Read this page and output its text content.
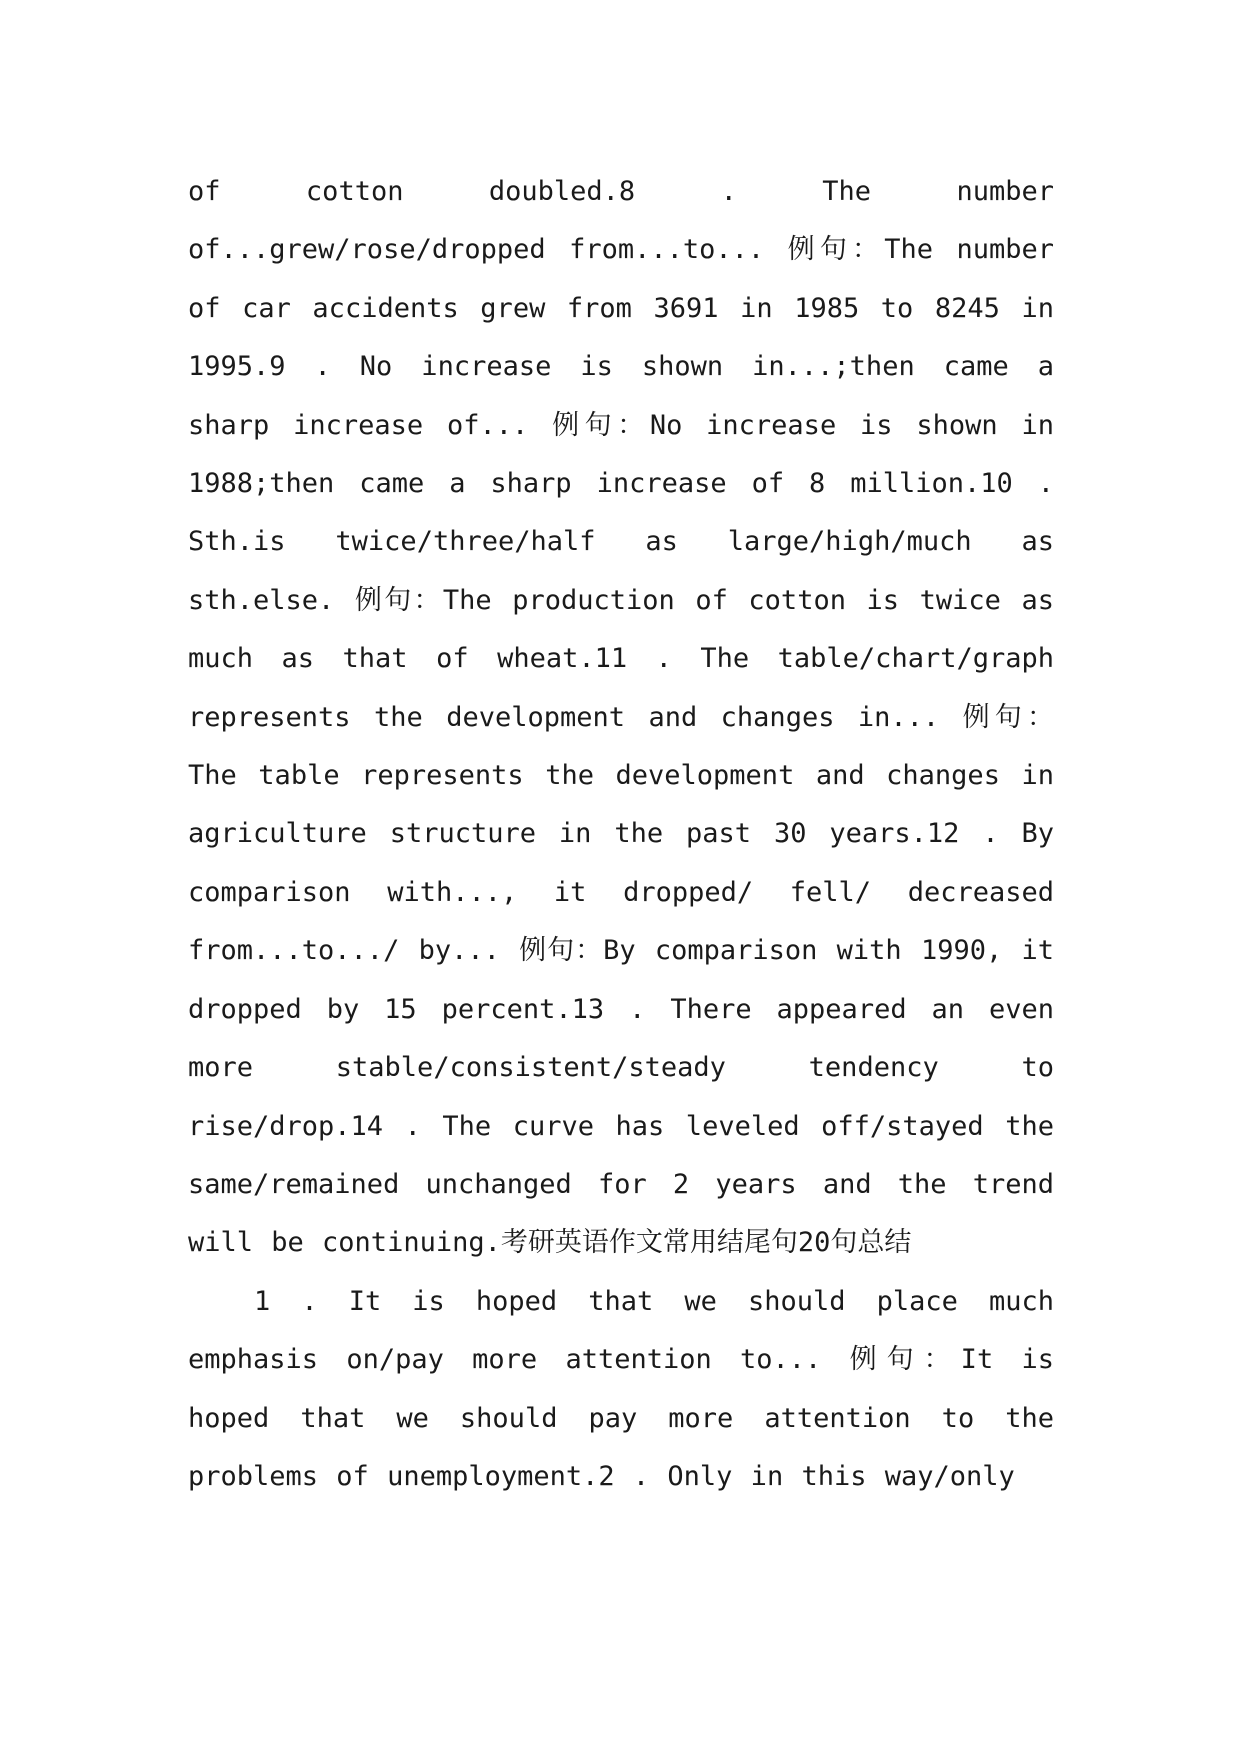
of cotton doubled.8 . The number of...grew/rose/dropped from...to... 例句：The number of car accidents grew from 3691 in 1985 to 8245 in 1995.9 . No increase is shown in...;then came a sharp increase of... 例句：No increase is shown in 1988;then came a sharp increase of 8 million.10 . Sth.is twice/three/half as large/high/much as sth.else. 例句：The production of cotton is twice as much as that of wheat.11 . The table/chart/graph represents the development and changes in... 例句：The table represents the development and changes in agriculture structure in the past 30 years.12 . By comparison with..., it dropped/ fell/ decreased from...to.../ by... 例句：By comparison with 1990, it dropped by 15 percent.13 . There appeared an even more stable/consistent/steady tendency to rise/drop.14 . The curve has leveled off/stayed the same/remained unchanged for 2 years and the trend will be continuing.考研英语作文常用结尾句20句总结

1 . It is hoped that we should place much emphasis on/pay more attention to... 例句：It is hoped that we should pay more attention to the problems of unemployment.2 . Only in this way/only
